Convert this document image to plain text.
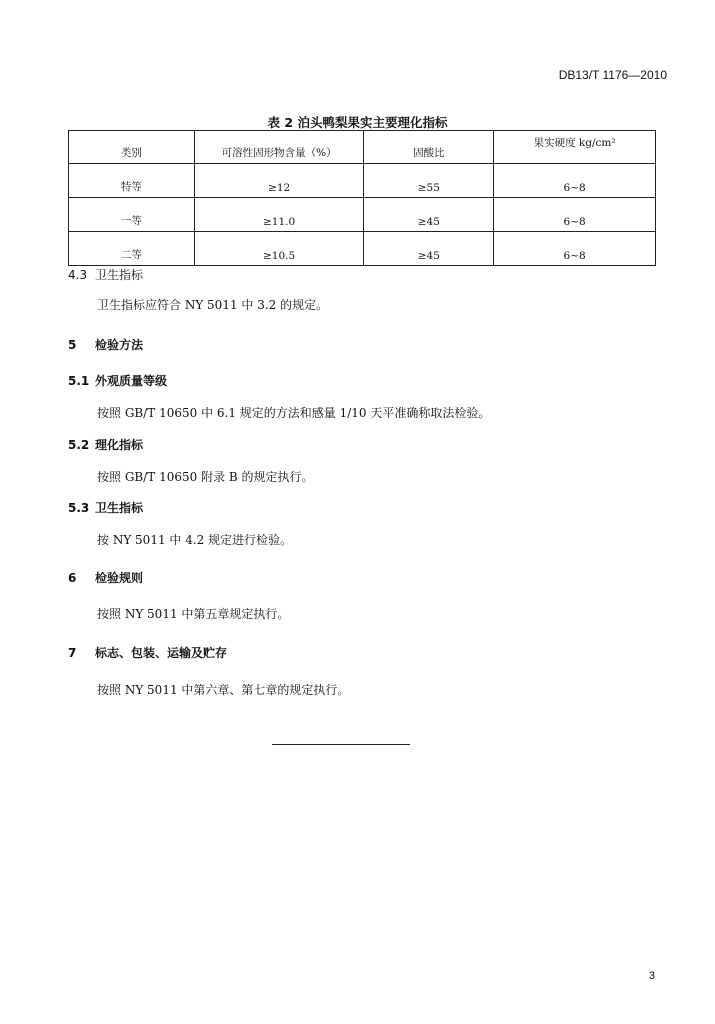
DB13/T 1176—2010
表 2 泊头鸭梨果实主要理化指标
类别	可溶性固形物含量（%）	固酸比	果实硬度 kg/cm²
特等	≥12	≥55	6~8
一等	≥11.0	≥45	6~8
二等	≥10.5	≥45	6~8
4.3 卫生指标
卫生指标应符合 NY 5011 中 3.2 的规定。
5 检验方法
5.1 外观质量等级
按照 GB/T 10650 中 6.1 规定的方法和感量 1/10 天平准确称取法检验。
5.2 理化指标
按照 GB/T 10650 附录 B 的规定执行。
5.3 卫生指标
按 NY 5011 中 4.2 规定进行检验。
6 检验规则
按照 NY 5011 中第五章规定执行。
7 标志、包装、运输及贮存
按照 NY 5011 中第六章、第七章的规定执行。
3
